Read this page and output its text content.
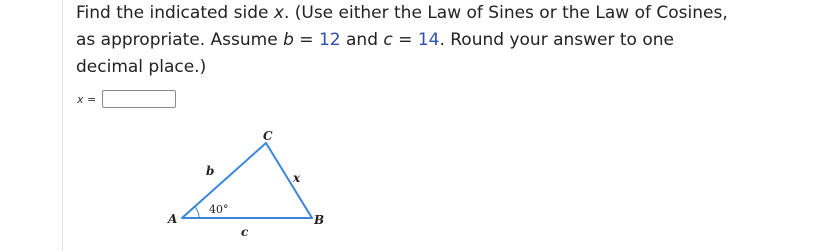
Find the indicated side x. (Use either the Law of Sines or the Law of Cosines,
as appropriate. Assume b = 12 and c = 14. Round your answer to one
decimal place.)
x =
C
A	B
b	x
c
40°
